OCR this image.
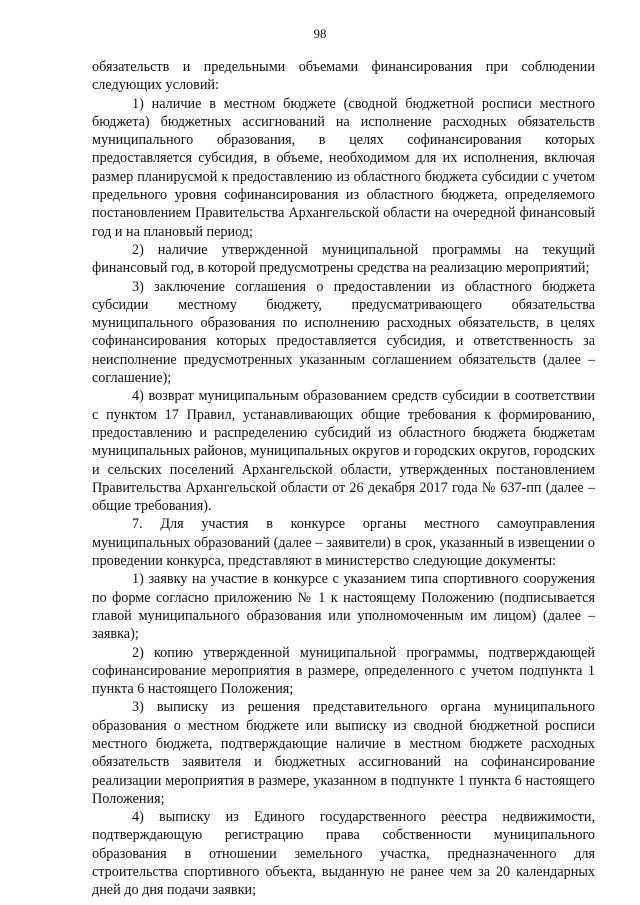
98

обязательств и предельными объемами финансирования при соблюдении следующих условий:

1) наличие в местном бюджете (сводной бюджетной росписи местного бюджета) бюджетных ассигнований на исполнение расходных обязательств муниципального образования, в целях софинансирования которых предоставляется субсидия, в объеме, необходимом для их исполнения, включая размер планирусмой к предоставлению из областного бюджета субсидии с учетом предельного уровня софинансирования из областного бюджета, определяемого постановлением Правительства Архангельской области на очередной финансовый год и на плановый период;

2) наличие утвержденной муниципальной программы на текущий финансовый год, в которой предусмотрены средства на реализацию мероприятий;

3) заключение соглашения о предоставлении из областного бюджета субсидии местному бюджету, предусматривающего обязательства муниципального образования по исполнению расходных обязательств, в целях софинансирования которых предоставляется субсидия, и ответственность за неисполнение предусмотренных указанным соглашением обязательств (далее – соглашение);

4) возврат муниципальным образованием средств субсидии в соответствии с пунктом 17 Правил, устанавливающих общие требования к формированию, предоставлению и распределению субсидий из областного бюджета бюджетам муниципальных районов, муниципальных округов и городских округов, городских и сельских поселений Архангельской области, утвержденных постановлением Правительства Архангельской области от 26 декабря 2017 года № 637-пп (далее – общие требования).

7. Для участия в конкурсе органы местного самоуправления муниципальных образований (далее – заявители) в срок, указанный в извещении о проведении конкурса, представляют в министерство следующие документы:

1) заявку на участие в конкурсе с указанием типа спортивного сооружения по форме согласно приложению № 1 к настоящему Положению (подписывается главой муниципального образования или уполномоченным им лицом) (далее – заявка);

2) копию утвержденной муниципальной программы, подтверждающей софинансирование мероприятия в размере, определенного с учетом подпункта 1 пункта 6 настоящего Положения;

3) выписку из решения представительного органа муниципального образования о местном бюджете или выписку из сводной бюджетной росписи местного бюджета, подтверждающие наличие в местном бюджете расходных обязательств заявителя и бюджетных ассигнований на софинансирование реализации мероприятия в размере, указанном в подпункте 1 пункта 6 настоящего Положения;

4) выписку из Единого государственного реестра недвижимости, подтверждающую регистрацию права собственности муниципального образования в отношении земельного участка, предназначенного для строительства спортивного объекта, выданную не ранее чем за 20 календарных дней до дня подачи заявки;
